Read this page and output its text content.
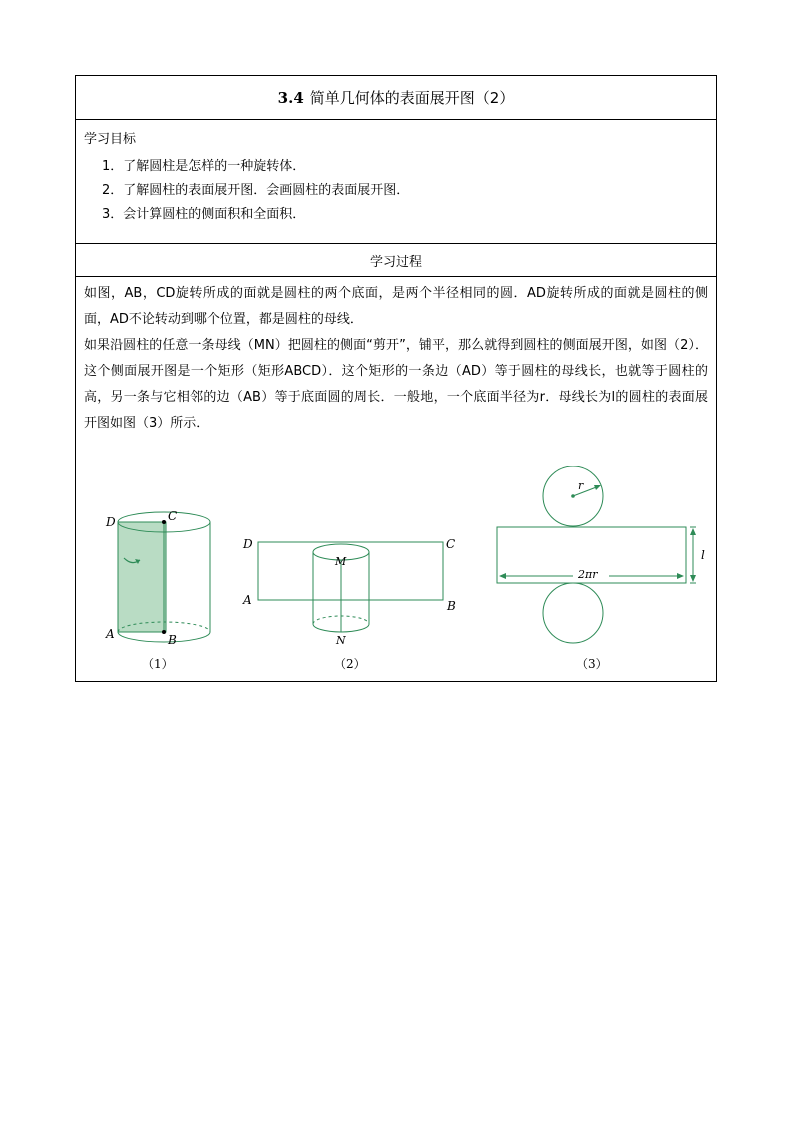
3.4 简单几何体的表面展开图（2）
学习目标
1．了解圆柱是怎样的一种旋转体．
2．了解圆柱的表面展开图．会画圆柱的表面展开图．
3．会计算圆柱的侧面积和全面积．
学习过程

如图，AB，CD旋转所成的面就是圆柱的两个底面，是两个半径相同的圆．AD旋转所成的面就是圆柱的侧面，AD不论转动到哪个位置，都是圆柱的母线．

如果沿圆柱的任意一条母线（MN）把圆柱的侧面“剪开”，铺平，那么就得到圆柱的侧面展开图，如图（2）．这个侧面展开图是一个矩形（矩形ABCD）．这个矩形的一条边（AD）等于圆柱的母线长，也就等于圆柱的高，另一条与它相邻的边（AB）等于底面圆的周长．一般地，一个底面半径为r．母线长为l的圆柱的表面展开图如图（3）所示．

D	C
A	B
D	C
A	B
M
N
r
2πr
l
（1）	（2）	（3）
